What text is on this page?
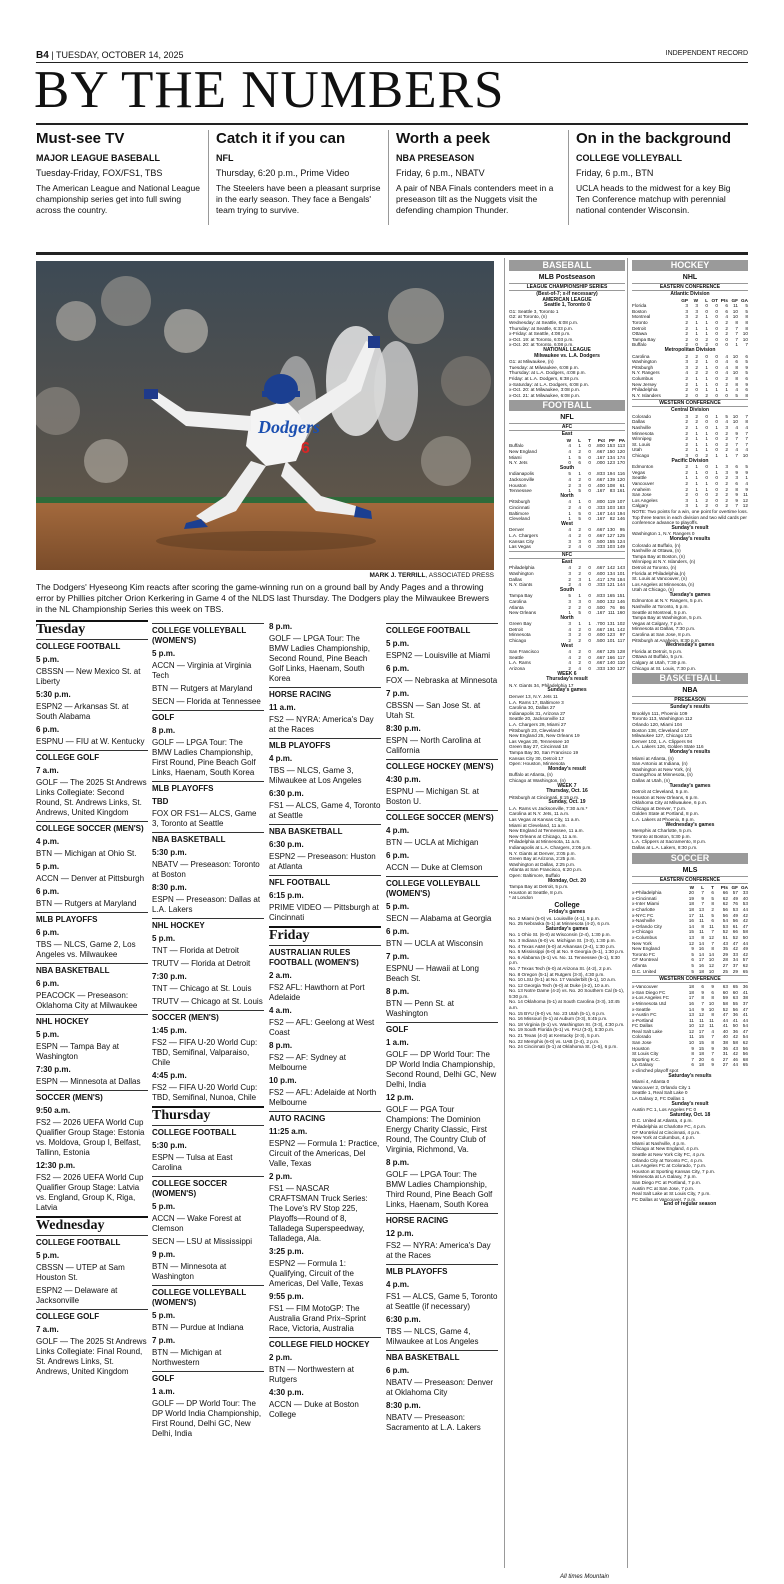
B4 | TUESDAY, OCTOBER 14, 2025	INDEPENDENT RECORD
BY THE NUMBERS
Must-see TV
MAJOR LEAGUE BASEBALL
Tuesday-Friday, FOX/FS1, TBS
The American League and National League championship series get into full swing across the country.
Catch it if you can
NFL
Thursday, 6:20 p.m., Prime Video
The Steelers have been a pleasant surprise in the early season. They face a Bengals' team trying to survive.
Worth a peek
NBA PRESEASON
Friday, 6 p.m., NBATV
A pair of NBA Finals contenders meet in a preseason tilt as the Nuggets visit the defending champion Thunder.
On in the background
COLLEGE VOLLEYBALL
Friday, 6 p.m., BTN
UCLA heads to the midwest for a key Big Ten Conference matchup with perennial national contender Wisconsin.
Dodgers
6
MARK J. TERRILL, ASSOCIATED PRESS
The Dodgers' Hyeseong Kim reacts after scoring the game-winning run on a ground ball by Andy Pages and a throwing error by Phillies pitcher Orion Kerkering in Game 4 of the NLDS last Thursday. The Dodgers play the Milwaukee Brewers in the NL Championship Series this week on TBS.
Tuesday
COLLEGE FOOTBALL
5 p.m.
CBSSN — New Mexico St. at Liberty
5:30 p.m.
ESPN2 — Arkansas St. at South Alabama
6 p.m.
ESPNU — FIU at W. Kentucky
COLLEGE GOLF
7 a.m.
GOLF — The 2025 St Andrews Links Collegiate: Second Round, St. Andrews Links, St. Andrews, United Kingdom
COLLEGE SOCCER (MEN'S)
4 p.m.
BTN — Michigan at Ohio St.
5 p.m.
ACCN — Denver at Pittsburgh
6 p.m.
BTN — Rutgers at Maryland
MLB PLAYOFFS
6 p.m.
TBS — NLCS, Game 2, Los Angeles vs. Milwaukee
NBA BASKETBALL
6 p.m.
PEACOCK — Preseason: Oklahoma City at Milwaukee
NHL HOCKEY
5 p.m.
ESPN — Tampa Bay at Washington
7:30 p.m.
ESPN — Minnesota at Dallas
SOCCER (MEN'S)
9:50 a.m.
FS2 — 2026 UEFA World Cup Qualifier Group Stage: Estonia vs. Moldova, Group I, Belfast, Tallinn, Estonia
12:30 p.m.
FS2 — 2026 UEFA World Cup Qualifier Group Stage: Latvia vs. England, Group K, Riga, Latvia
Wednesday
COLLEGE FOOTBALL
5 p.m.
CBSSN — UTEP at Sam Houston St.
ESPN2 — Delaware at Jacksonville
COLLEGE GOLF
7 a.m.
GOLF — The 2025 St Andrews Links Collegiate: Final Round, St. Andrews Links, St. Andrews, United Kingdom
COLLEGE VOLLEYBALL (WOMEN'S)
5 p.m.
ACCN — Virginia at Virginia Tech
BTN — Rutgers at Maryland
SECN — Florida at Tennessee
GOLF
8 p.m.
GOLF — LPGA Tour: The BMW Ladies Championship, First Round, Pine Beach Golf Links, Haenam, South Korea
MLB PLAYOFFS
TBD
FOX OR FS1— ALCS, Game 3, Toronto at Seattle
NBA BASKETBALL
5:30 p.m.
NBATV — Preseason: Toronto at Boston
8:30 p.m.
ESPN — Preseason: Dallas at L.A. Lakers
NHL HOCKEY
5 p.m.
TNT — Florida at Detroit
TRUTV — Florida at Detroit
7:30 p.m.
TNT — Chicago at St. Louis
TRUTV — Chicago at St. Louis
SOCCER (MEN'S)
1:45 p.m.
FS2 — FIFA U-20 World Cup: TBD, Semifinal, Valparaiso, Chile
4:45 p.m.
FS2 — FIFA U-20 World Cup: TBD, Semifinal, Nunoa, Chile
Thursday
COLLEGE FOOTBALL
5:30 p.m.
ESPN — Tulsa at East Carolina
COLLEGE SOCCER (WOMEN'S)
5 p.m.
ACCN — Wake Forest at Clemson
SECN — LSU at Mississippi
9 p.m.
BTN — Minnesota at Washington
COLLEGE VOLLEYBALL (WOMEN'S)
5 p.m.
BTN — Purdue at Indiana
7 p.m.
BTN — Michigan at Northwestern
GOLF
1 a.m.
GOLF — DP World Tour: The DP World India Championship, First Round, Delhi GC, New Delhi, India
8 p.m.
GOLF — LPGA Tour: The BMW Ladies Championship, Second Round, Pine Beach Golf Links, Haenam, South Korea
HORSE RACING
11 a.m.
FS2 — NYRA: America's Day at the Races
MLB PLAYOFFS
4 p.m.
TBS — NLCS, Game 3, Milwaukee at Los Angeles
6:30 p.m.
FS1 — ALCS, Game 4, Toronto at Seattle
NBA BASKETBALL
6:30 p.m.
ESPN2 — Preseason: Huston at Atlanta
NFL FOOTBALL
6:15 p.m.
PRIME VIDEO — Pittsburgh at Cincinnati
Friday
AUSTRALIAN RULES FOOTBALL (WOMEN'S)
2 a.m.
FS2 AFL: Hawthorn at Port Adelaide
4 a.m.
FS2 — AFL: Geelong at West Coast
8 p.m.
FS2 — AF: Sydney at Melbourne
10 p.m.
FS2 — AFL: Adelaide at North Melbourne
AUTO RACING
11:25 a.m.
ESPN2 — Formula 1: Practice, Circuit of the Americas, Del Valle, Texas
2 p.m.
FS1 — NASCAR CRAFTSMAN Truck Series: The Love's RV Stop 225, Playoffs—Round of 8, Talladega Superspeedway, Talladega, Ala.
3:25 p.m.
ESPN2 — Formula 1: Qualifying, Circuit of the Americas, Del Valle, Texas
9:55 p.m.
FS1 — FIM MotoGP: The Australia Grand Prix–Sprint Race, Victoria, Australia
COLLEGE FIELD HOCKEY
2 p.m.
BTN — Northwestern at Rutgers
4:30 p.m.
ACCN — Duke at Boston College
COLLEGE FOOTBALL
5 p.m.
ESPN2 — Louisville at Miami
6 p.m.
FOX — Nebraska at Minnesota
7 p.m.
CBSSN — San Jose St. at Utah St.
8:30 p.m.
ESPN — North Carolina at California
COLLEGE HOCKEY (MEN'S)
4:30 p.m.
ESPNU — Michigan St. at Boston U.
COLLEGE SOCCER (MEN'S)
4 p.m.
BTN — UCLA at Michigan
6 p.m.
ACCN — Duke at Clemson
COLLEGE VOLLEYBALL (WOMEN'S)
5 p.m.
SECN — Alabama at Georgia
6 p.m.
BTN — UCLA at Wisconsin
7 p.m.
ESPNU — Hawaii at Long Beach St.
8 p.m.
BTN — Penn St. at Washington
GOLF
1 a.m.
GOLF — DP World Tour: The DP World India Championship, Second Round, Delhi GC, New Delhi, India
12 p.m.
GOLF — PGA Tour Champions: The Dominion Energy Charity Classic, First Round, The Country Club of Virginia, Richmond, Va.
8 p.m.
GOLF — LPGA Tour: The BMW Ladies Championship, Third Round, Pine Beach Golf Links, Haenam, South Korea
HORSE RACING
12 p.m.
FS2 — NYRA: America's Day at the Races
MLB PLAYOFFS
4 p.m.
FS1 — ALCS, Game 5, Toronto at Seattle (if necessary)
6:30 p.m.
TBS — NLCS, Game 4, Milwaukee at Los Angeles
NBA BASKETBALL
6 p.m.
NBATV — Preseason: Denver at Oklahoma City
8:30 p.m.
NBATV — Preseason: Sacramento at L.A. Lakers
BASEBALL
MLB Postseason
LEAGUE CHAMPIONSHIP SERIES
(Best-of-7; x-if necessary)
AMERICAN LEAGUE
Seattle 1, Toronto 0
G1: Seattle 3, Toronto 1
G2: at Toronto, (n)
Wednesday: at Seattle, 6:08 p.m.
Thursday: at Seattle, 6:33 p.m.
x-Friday: at Seattle, 4:08 p.m.
x-Oct. 19: at Toronto, 6:03 p.m.
x-Oct. 20: at Toronto, 6:08 p.m.
NATIONAL LEAGUE
Milwaukee vs. L.A. Dodgers
G1: at Milwaukee, (n)
Tuesday: at Milwaukee, 6:08 p.m.
Thursday: at L.A. Dodgers, 4:08 p.m.
Friday: at L.A. Dodgers, 6:38 p.m.
x-Saturday: at L.A. Dodgers, 6:08 p.m.
x-Oct. 20: at Milwaukee, 3:08 p.m.
x-Oct. 21: at Milwaukee, 6:08 p.m.
FOOTBALL
NFL
AFC
East
W	L	T	Pct PF PA
Buffalo	4	1	0	.800 153 113
New England	4	2	0	.667 150 120
Miami	1	5	0	.167 134 174
N.Y. Jets	0	6	0	.000 123 170
South
Indianapolis	5	1	0	.833 194 116
Jacksonville	4	2	0	.667 139 120
Houston	2	3	0	.400 108	61
Tennessee	1	5	0	.167	83 161
North
Pittsburgh	4	1	0	.800 119 107
Cincinnati	2	4	0	.333 103 183
Baltimore	1	5	0	.167 144 194
Cleveland	1	5	0	.167	82 146
West
Denver	4	2	0	.667 130	95
L.A. Chargers	4	2	0	.667 127 125
Kansas City	3	3	0	.500 155 124
Las Vegas	2	4	0	.333 103 149
NFC
East
Philadelphia	4	2	0	.667 142 143
Washington	3	2	0	.600 134 101
Dallas	2	3	1	.417 178 184
N.Y. Giants	2	4	0	.333 121 144
South
Tampa Bay	5	1	0	.833 165 151
Carolina	3	3	0	.500 132 146
Atlanta	2	2	0	.500	76	86
New Orleans	1	5	0	.167 111 160
North
Green Bay	3	1	1	.700 131 102
Detroit	4	2	0	.667 191 142
Minnesota	3	2	0	.600 123	97
Chicago	2	2	0	.500 101 117
West
San Francisco	4	2	0	.667 125 128
Seattle	4	2	0	.667 166 117
L.A. Rams	4	2	0	.667 140 110
Arizona	2	4	0	.333 130 127
WEEK 6
Thursday's result
N.Y. Giants 34, Philadelphia 17
Sunday's games
Denver 13, N.Y. Jets 11
L.A. Rams 17, Baltimore 3
Carolina 30, Dallas 27
Indianapolis 31, Arizona 27
Seattle 20, Jacksonville 12
L.A. Chargers 29, Miami 27
Pittsburgh 23, Cleveland 9
New England 25, New Orleans 19
Las Vegas 20, Tennessee 10
Green Bay 27, Cincinnati 18
Tampa Bay 30, San Francisco 19
Kansas City 30, Detroit 17
Open: Houston, Minnesota
Monday's result
Buffalo at Atlanta, (n)
Chicago at Washington, (n)
WEEK 7
Thursday, Oct. 16
Pittsburgh at Cincinnati, 6:15 p.m.
Sunday, Oct. 19
L.A. Rams vs Jacksonville, 7:30 a.m.*
Carolina at N.Y. Jets, 11 a.m.
Las Vegas at Kansas City, 11 a.m.
Miami at Cleveland, 11 a.m.
New England at Tennessee, 11 a.m.
New Orleans at Chicago, 11 a.m.
Philadelphia at Minnesota, 11 a.m.
Indianapolis at L.A. Chargers, 2:05 p.m.
N.Y. Giants at Denver, 2:05 p.m.
Green Bay at Arizona, 2:25 p.m.
Washington at Dallas, 2:25 p.m.
Atlanta at San Francisco, 6:20 p.m.
Open: Baltimore, Buffalo
Monday, Oct. 20
Tampa Bay at Detroit, 5 p.m.
Houston at Seattle, 8 p.m.
* at London
College
Friday's games
No. 2 Miami (5-0) vs. Louisville (4-1), 5 p.m.
No. 25 Nebraska (5-1) at Minnesota (4-2), 6 p.m.
Saturday's games
No. 1 Ohio St. (6-0) at Wisconsin (2-4), 1:30 p.m.
No. 3 Indiana (6-0) vs. Michigan St. (3-3), 1:30 p.m.
No. 4 Texas A&M (6-0) at Arkansas (2-4), 1:30 p.m.
No. 5 Mississippi (6-0) at No. 9 Georgia (5-1), 1:30 p.m.
No. 6 Alabama (5-1) vs. No. 11 Tennessee (5-1), 5:30 p.m.
No. 7 Texas Tech (6-0) at Arizona St. (4-2), 2 p.m.
No. 8 Oregon (5-1) at Rutgers (3-3), 4:30 p.m.
No. 10 LSU (5-1) at No. 17 Vanderbilt (5-1), 10 a.m.
No. 12 Georgia Tech (6-0) at Duke (4-2), 10 a.m.
No. 13 Notre Dame (4-2) vs. No. 20 Southern Cal (5-1), 5:30 p.m.
No. 14 Oklahoma (5-1) at South Carolina (3-3), 10:45 a.m.
No. 15 BYU (6-0) vs. No. 23 Utah (5-1), 6 p.m.
No. 16 Missouri (5-1) at Auburn (3-3), 5:45 p.m.
No. 18 Virginia (5-1) vs. Washington St. (3-3), 4:30 p.m.
No. 19 South Florida (5-1) vs. FAU (3-3), 5:30 p.m.
No. 21 Texas (4-2) at Kentucky (2-3), 5 p.m.
No. 22 Memphis (6-0) vs. UAB (2-4), 2 p.m.
No. 24 Cincinnati (5-1) at Oklahoma St. (1-5), 6 p.m.
HOCKEY
NHL
EASTERN CONFERENCE
Atlantic Division
GP	W	L OT Pts GF GA
Florida	3	3	0	0	6	11	5
Boston	3	3	0	0	6	10	5
Montreal	3	2	1	0	4	10	8
Toronto	2	1	1	0	2	8	8
Detroit	2	1	1	0	2	7	8
Ottawa	2	1	1	0	2	7	10
Tampa Bay	2	0	2	0	0	7	10
Buffalo	2	0	2	0	0	1	7
Metropolitan Division
Carolina	2	2	0	0	4	10	6
Washington	3	2	1	0	4	6	5
Pittsburgh	3	2	1	0	4	8	9
N.Y. Rangers	4	2	2	0	4	10	5
Columbus	2	1	1	0	2	8	6
New Jersey	2	1	1	0	2	8	9
Philadelphia	2	0	1	1	1	4	6
N.Y. Islanders	2	0	2	0	0	5	8
WESTERN CONFERENCE
Central Division
Colorado	3	2	0	1	5	10	7
Dallas	2	2	0	0	4	10	8
Nashville	2	1	0	1	3	4	4
Minnesota	2	1	1	0	2	9	7
Winnipeg	2	1	1	0	2	7	7
St. Louis	2	1	1	0	2	7	7
Utah	2	1	1	0	2	4	4
Chicago	3	0	2	1	1	7	10
Pacific Division
Edmonton	2	1	0	1	3	6	5
Vegas	2	1	0	1	3	9	9
Seattle	1	1	0	0	2	3	1
Vancouver	2	1	1	0	2	6	4
Anaheim	2	1	1	0	2	8	9
San Jose	2	0	0	2	2	9	11
Los Angeles	3	1	2	0	2	9	12
Calgary	3	1	2	0	2	7	12
NOTE: Two points for a win, one point for overtime loss. Top three teams in each division and two wild cards per conference advance to playoffs.
Sunday's result
Washington 1, N.Y. Rangers 0
Monday's results
Colorado at Buffalo, (n)
Nashville at Ottawa, (n)
Tampa Bay at Boston, (n)
Winnipeg at N.Y. Islanders, (n)
Detroit at Toronto, (n)
Florida at Philadelphia,(n)
St. Louis at Vancouver, (n)
Los Angeles at Minnesota, (n)
Utah at Chicago, (n)
Tuesday's games
Edmonton at N.Y. Rangers, 5 p.m.
Nashville at Toronto, 5 p.m.
Seattle at Montreal, 5 p.m.
Tampa Bay at Washington, 5 p.m.
Vegas at Calgary, 7 p.m.
Minnesota at Dallas, 7:30 p.m.
Carolina at San Jose, 8 p.m.
Pittsburgh at Anaheim, 8:30 p.m.
Wednesday's games
Florida at Detroit, 5 p.m.
Ottawa at Buffalo, 5 p.m.
Calgary at Utah, 7:30 p.m.
Chicago at St. Louis, 7:30 p.m.
BASKETBALL
NBA
PRESEASON
Sunday's results
Brooklyn 111, Phoenix 109
Toronto 113, Washington 112
Orlando 120, Miami 104
Boston 138, Cleveland 107
Milwaukee 127, Chicago 121
Denver 102, L.A. Clippers 94
L.A. Lakers 126, Golden State 116
Monday's results
Miami at Atlanta, (n)
San Antonio at Indiana, (n)
Washington at New York, (n)
Guangzhou at Minnesota, (n)
Dallas at Utah, (n)
Tuesday's games
Detroit at Cleveland, 5 p.m.
Houston at New Orleans, 6 p.m.
Oklahoma City at Milwaukee, 6 p.m.
Chicago at Denver, 7 p.m.
Golden State at Portland, 8 p.m.
L.A. Lakers at Phoenix, 8 p.m.
Wednesday's games
Memphis at Charlotte, 5 p.m.
Toronto at Boston, 5:30 p.m.
L.A. Clippers at Sacramento, 8 p.m.
Dallas at L.A. Lakers, 8:30 p.m.
SOCCER
MLS
EASTERN CONFERENCE
W	L	T	Pts GF GA
x-Philadelphia	20	7	6	66	57	33
x-Cincinnati	19	9	5	62	49	40
x-Inter Miami	18	7	8	62	76	53
x-Charlotte	18	13	2	56	53	44
x-NYC FC	17	11	5	56	49	42
x-Nashville	16	11	6	54	56	42
x-Orlando City	14	8	11	53	61	47
x-Chicago	15	11	7	52	66	58
x-Columbus	13	8	12	51	52	50
New York	12	14	7	43	47	44
New England	9	16	8	35	42	49
Toronto FC	5	14	14	29	33	42
CF Montreal	6	17	10	28	34	57
Atlanta	5	16	12	27	37	62
D.C. United	5	18	10	25	29	65
WESTERN CONFERENCE
x-Vancouver	18	6	9	63	65	36
x-San Diego FC	18	9	6	60	60	41
x-Los Angeles FC	17	8	8	59	63	38
x-Minnesota Utd	16	7	10	58	55	37
x-Seattle	14	9	10	52	56	47
x-Austin FC	13	12	8	47	36	41
x-Portland	11	11	11	44	41	44
FC Dallas	10	12	11	41	50	54
Real Salt Lake	12	17	4	40	36	47
Colorado	11	15	7	40	42	54
San Jose	10	15	8	38	58	62
Houston	9	15	9	36	43	56
St Louis City	8	18	7	31	42	56
Sporting K.C.	7	20	6	27	46	68
LA Galaxy	6	18	9	27	44	65
x-clinched playoff spot
Saturday's results
Miami 4, Atlanta 0
Vancouver 2, Orlando City 1
Seattle 1, Real Salt Lake 0
LA Galaxy 2, FC Dallas 1
Sunday's result
Austin FC 1, Los Angeles FC 0
Saturday, Oct. 18
D.C. United at Atlanta, 4 p.m.
Philadelphia at Charlotte FC, 4 p.m.
CF Montréal at Cincinnati, 4 p.m.
New York at Columbus, 4 p.m.
Miami at Nashville, 4 p.m.
Chicago at New England, 4 p.m.
Seattle at New York City FC, 4 p.m.
Orlando City at Toronto FC, 4 p.m.
Los Angeles FC at Colorado, 7 p.m.
Houston at Sporting Kansas City, 7 p.m.
Minnesota at LA Galaxy, 7 p.m.
San Diego FC at Portland, 7 p.m.
Austin FC at San Jose, 7 p.m.
Real Salt Lake at St Louis City, 7 p.m.
FC Dallas at Vancouver, 7 p.m.
End of regular season
All times Mountain
